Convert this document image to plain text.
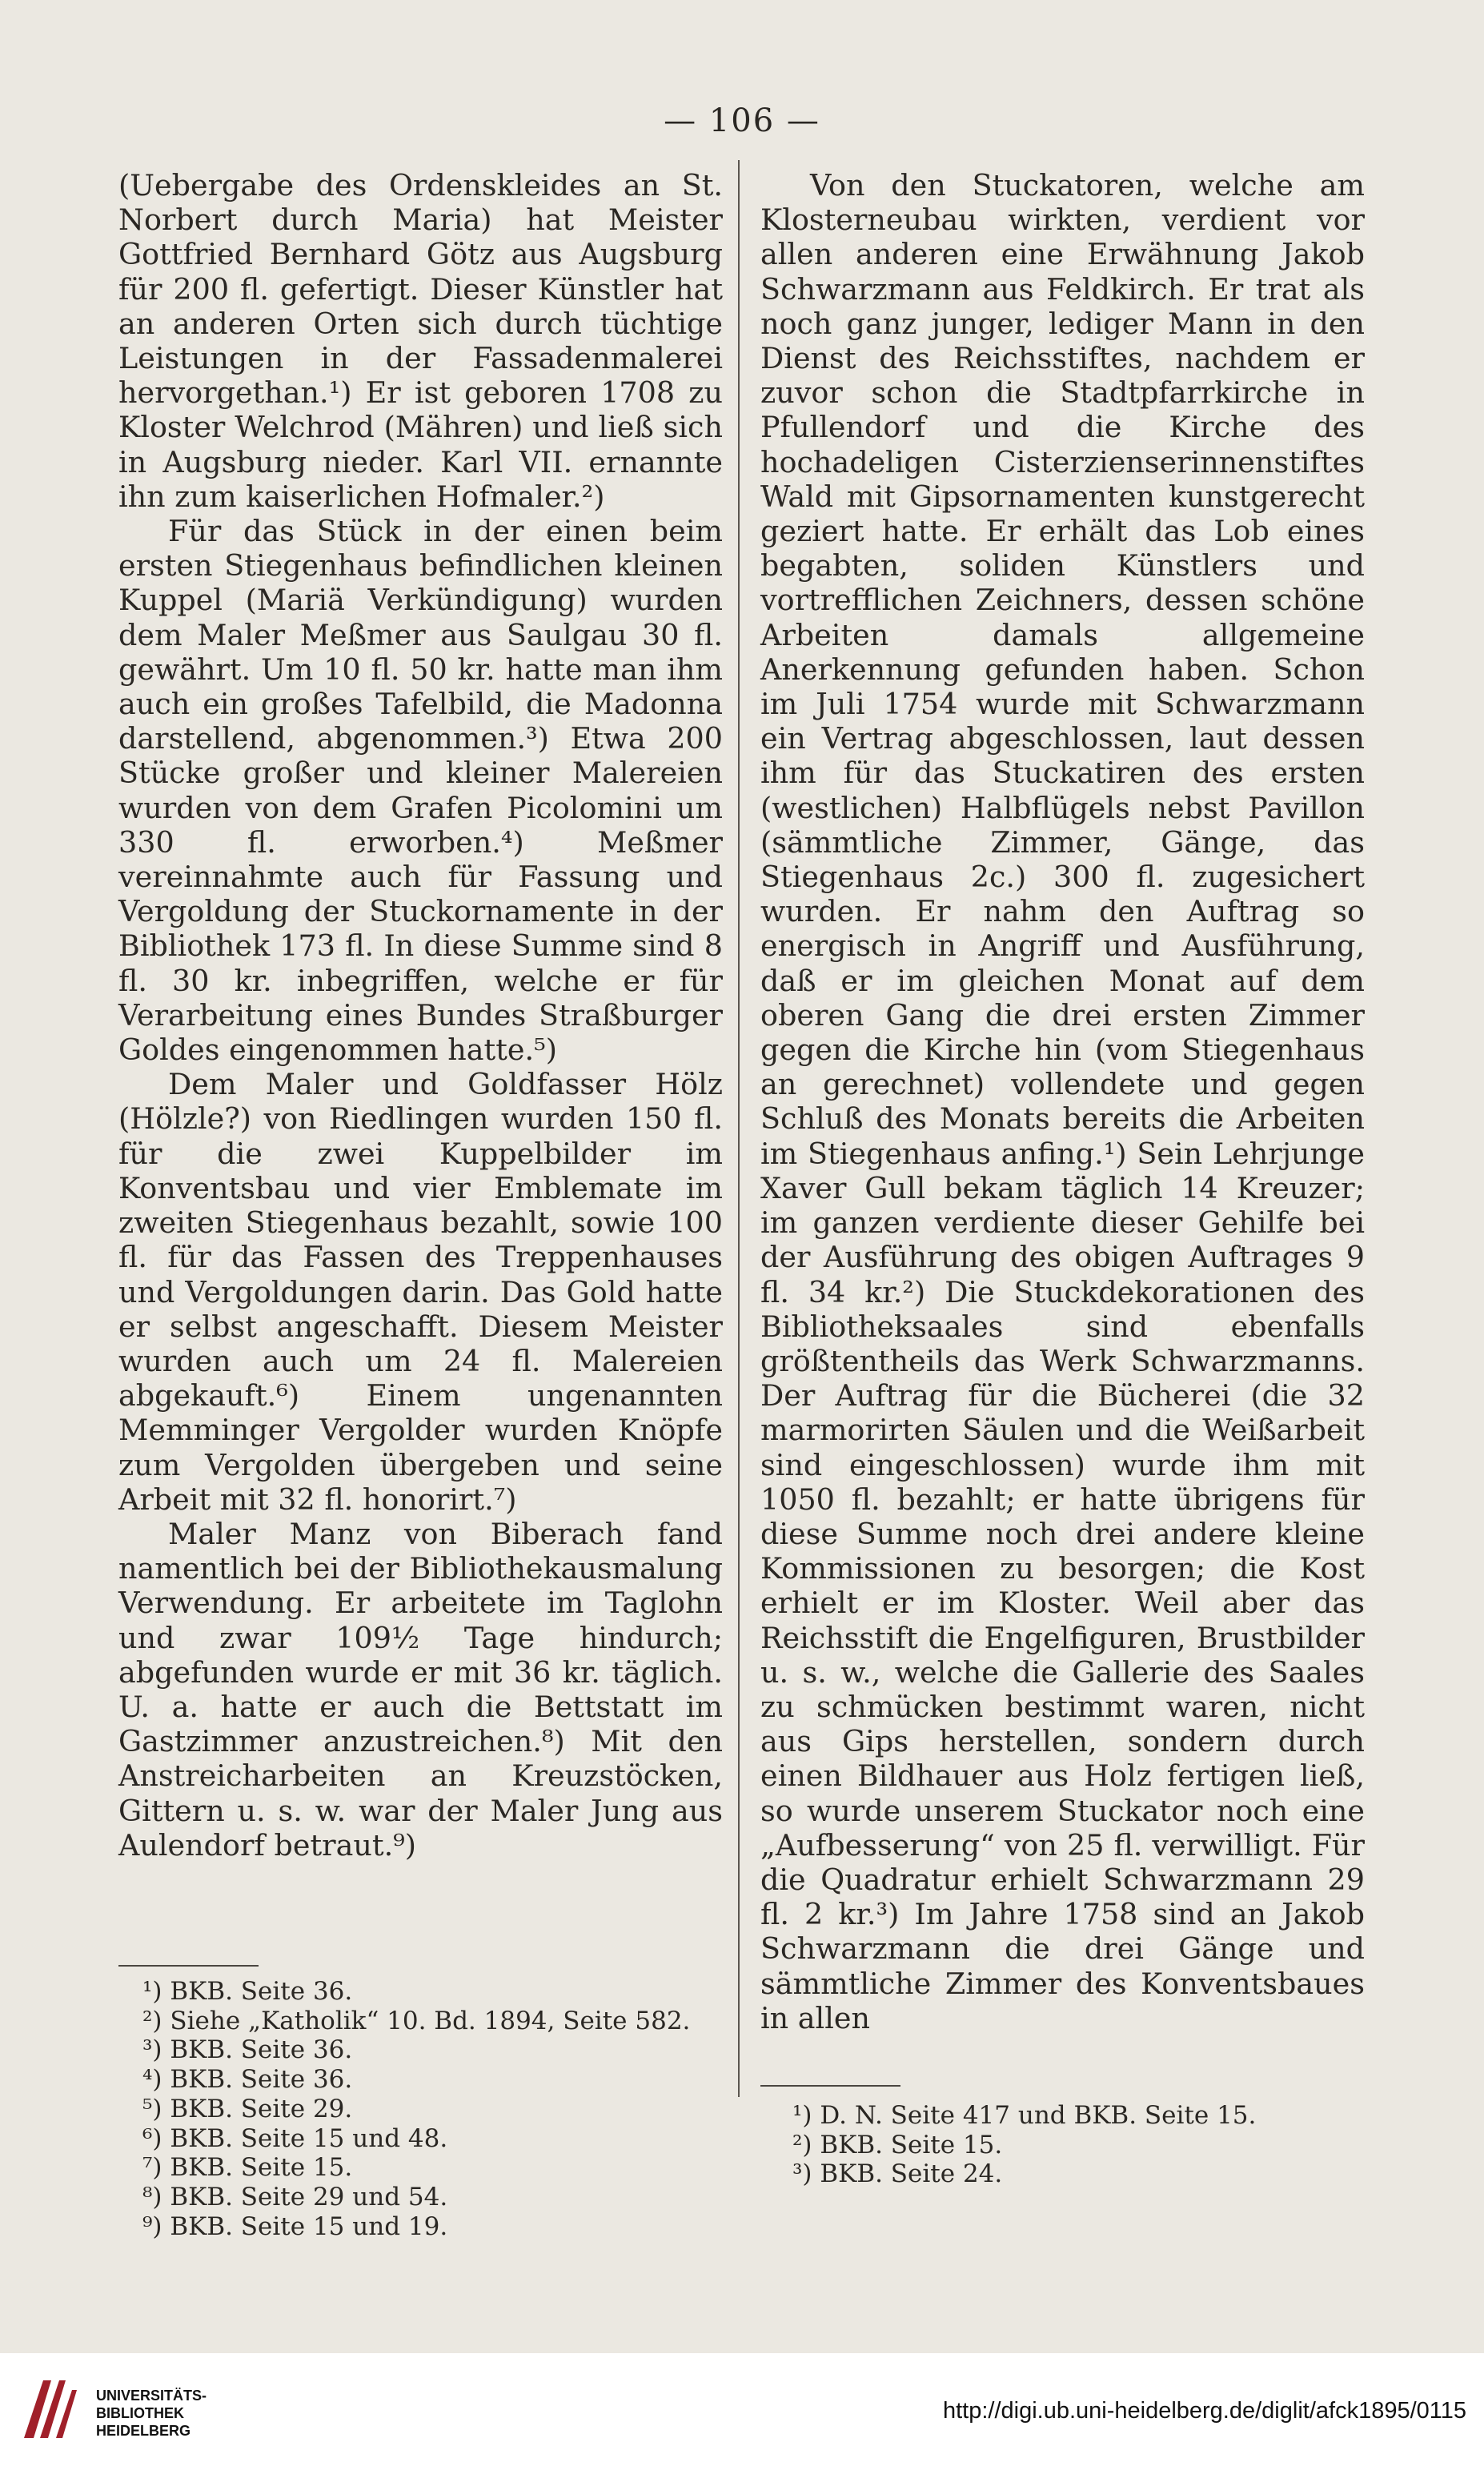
— 106 —

(Uebergabe des Ordenskleides an St. Norbert durch Maria) hat Meister Gottfried Bernhard Götz aus Augsburg für 200 fl. gefertigt. Dieser Künstler hat an anderen Orten sich durch tüchtige Leistungen in der Fassadenmalerei hervorgethan.¹) Er ist geboren 1708 zu Kloster Welchrod (Mähren) und ließ sich in Augsburg nieder. Karl VII. ernannte ihn zum kaiserlichen Hofmaler.²)

Für das Stück in der einen beim ersten Stiegenhaus befindlichen kleinen Kuppel (Mariä Verkündigung) wurden dem Maler Meßmer aus Saulgau 30 fl. gewährt. Um 10 fl. 50 kr. hatte man ihm auch ein großes Tafelbild, die Madonna darstellend, abgenommen.³) Etwa 200 Stücke großer und kleiner Malereien wurden von dem Grafen Picolomini um 330 fl. erworben.⁴) Meßmer vereinnahmte auch für Fassung und Vergoldung der Stuckornamente in der Bibliothek 173 fl. In diese Summe sind 8 fl. 30 kr. inbegriffen, welche er für Verarbeitung eines Bundes Straßburger Goldes eingenommen hatte.⁵)

Dem Maler und Goldfasser Hölz (Hölzle?) von Riedlingen wurden 150 fl. für die zwei Kuppelbilder im Konventsbau und vier Emblemate im zweiten Stiegenhaus bezahlt, sowie 100 fl. für das Fassen des Treppenhauses und Vergoldungen darin. Das Gold hatte er selbst angeschafft. Diesem Meister wurden auch um 24 fl. Malereien abgekauft.⁶) Einem ungenannten Memminger Vergolder wurden Knöpfe zum Vergolden übergeben und seine Arbeit mit 32 fl. honorirt.⁷)

Maler Manz von Biberach fand namentlich bei der Bibliothekausmalung Verwendung. Er arbeitete im Taglohn und zwar 109½ Tage hindurch; abgefunden wurde er mit 36 kr. täglich. U. a. hatte er auch die Bettstatt im Gastzimmer anzustreichen.⁸) Mit den Anstreicharbeiten an Kreuzstöcken, Gittern u. s. w. war der Maler Jung aus Aulendorf betraut.⁹)

Von den Stuckatoren, welche am Klosterneubau wirkten, verdient vor allen anderen eine Erwähnung Jakob Schwarzmann aus Feldkirch. Er trat als noch ganz junger, lediger Mann in den Dienst des Reichsstiftes, nachdem er zuvor schon die Stadtpfarrkirche in Pfullendorf und die Kirche des hochadeligen Cisterzienserinnenstiftes Wald mit Gipsornamenten kunstgerecht geziert hatte. Er erhält das Lob eines begabten, soliden Künstlers und vortrefflichen Zeichners, dessen schöne Arbeiten damals allgemeine Anerkennung gefunden haben. Schon im Juli 1754 wurde mit Schwarzmann ein Vertrag abgeschlossen, laut dessen ihm für das Stuckatiren des ersten (westlichen) Halbflügels nebst Pavillon (sämmtliche Zimmer, Gänge, das Stiegenhaus 2c.) 300 fl. zugesichert wurden. Er nahm den Auftrag so energisch in Angriff und Ausführung, daß er im gleichen Monat auf dem oberen Gang die drei ersten Zimmer gegen die Kirche hin (vom Stiegenhaus an gerechnet) vollendete und gegen Schluß des Monats bereits die Arbeiten im Stiegenhaus anfing.¹) Sein Lehrjunge Xaver Gull bekam täglich 14 Kreuzer; im ganzen verdiente dieser Gehilfe bei der Ausführung des obigen Auftrages 9 fl. 34 kr.²) Die Stuckdekorationen des Bibliotheksaales sind ebenfalls größtentheils das Werk Schwarzmanns. Der Auftrag für die Bücherei (die 32 marmorirten Säulen und die Weißarbeit sind eingeschlossen) wurde ihm mit 1050 fl. bezahlt; er hatte übrigens für diese Summe noch drei andere kleine Kommissionen zu besorgen; die Kost erhielt er im Kloster. Weil aber das Reichsstift die Engelfiguren, Brustbilder u. s. w., welche die Gallerie des Saales zu schmücken bestimmt waren, nicht aus Gips herstellen, sondern durch einen Bildhauer aus Holz fertigen ließ, so wurde unserem Stuckator noch eine „Aufbesserung“ von 25 fl. verwilligt. Für die Quadratur erhielt Schwarzmann 29 fl. 2 kr.³) Im Jahre 1758 sind an Jakob Schwarzmann die drei Gänge und sämmtliche Zimmer des Konventsbaues in allen

¹) BKB. Seite 36.
²) Siehe „Katholik“ 10. Bd. 1894, Seite 582.
³) BKB. Seite 36.
⁴) BKB. Seite 36.
⁵) BKB. Seite 29.
⁶) BKB. Seite 15 und 48.
⁷) BKB. Seite 15.
⁸) BKB. Seite 29 und 54.
⁹) BKB. Seite 15 und 19.
¹) D. N. Seite 417 und BKB. Seite 15.
²) BKB. Seite 15.
³) BKB. Seite 24.
UNIVERSITÄTS-
BIBLIOTHEK
HEIDELBERG
http://digi.ub.uni-heidelberg.de/diglit/afck1895/0115
